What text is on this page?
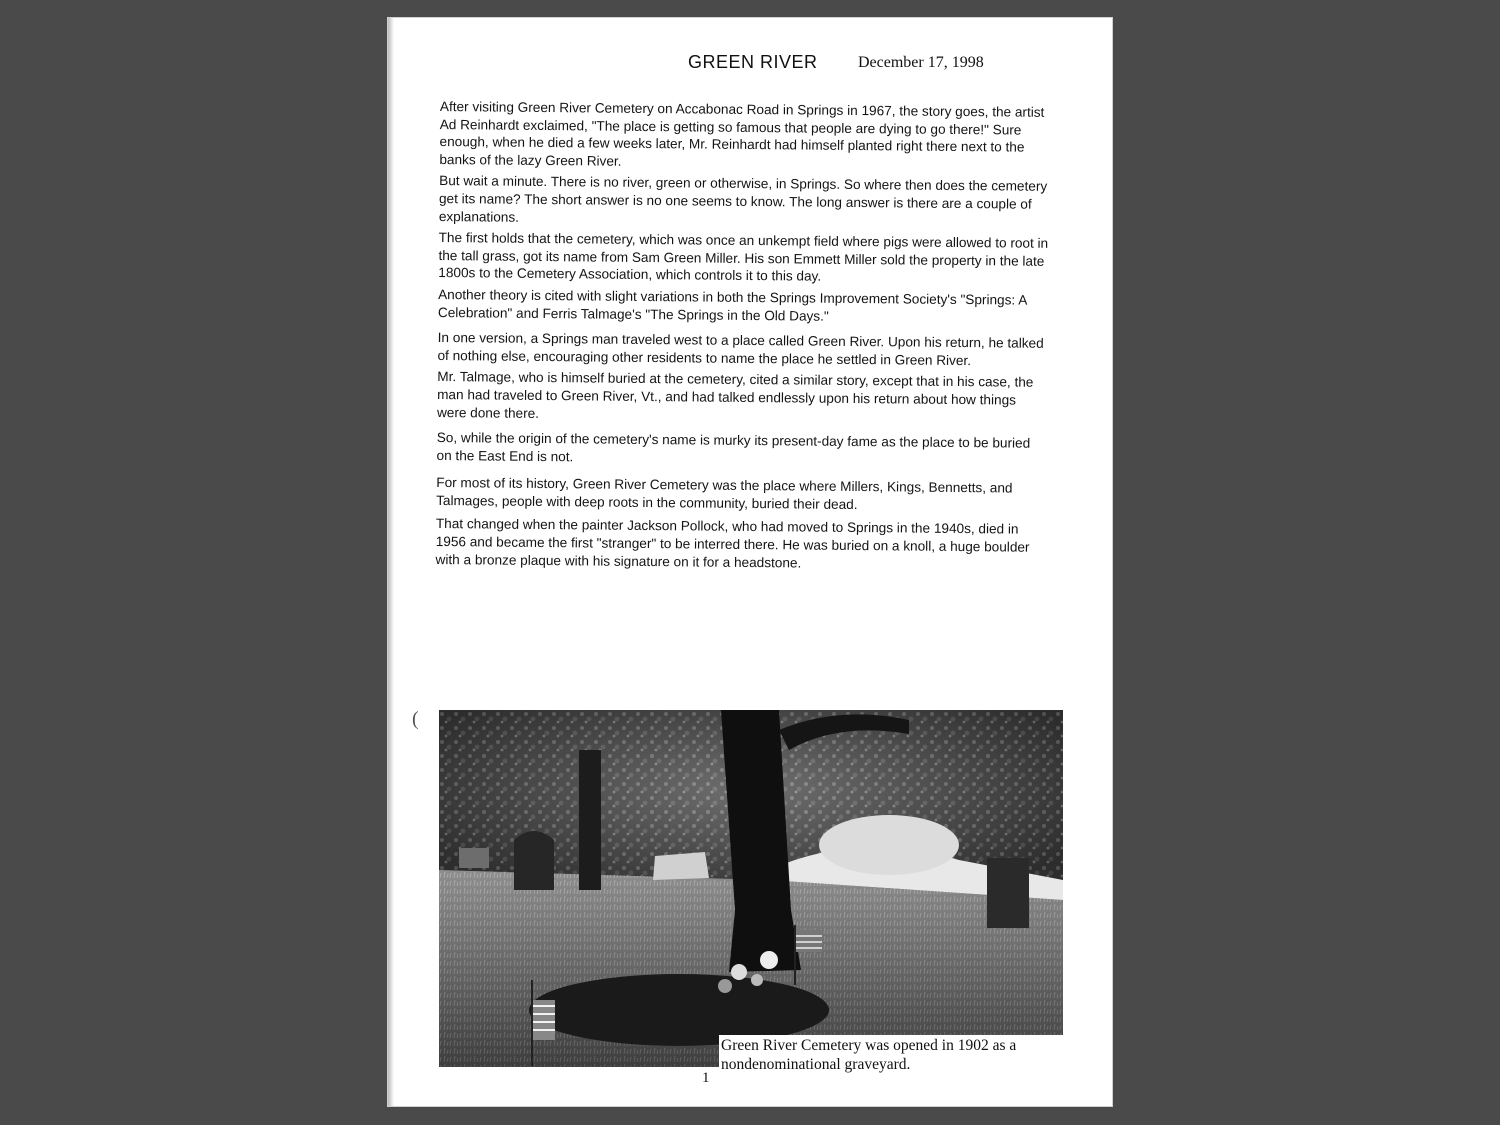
GREEN RIVER	December 17, 1998

After visiting Green River Cemetery on Accabonac Road in Springs in 1967, the story goes, the artist Ad Reinhardt exclaimed, "The place is getting so famous that people are dying to go there!" Sure enough, when he died a few weeks later, Mr. Reinhardt had himself planted right there next to the banks of the lazy Green River.

But wait a minute. There is no river, green or otherwise, in Springs. So where then does the cemetery get its name? The short answer is no one seems to know. The long answer is there are a couple of explanations.

The first holds that the cemetery, which was once an unkempt field where pigs were allowed to root in the tall grass, got its name from Sam Green Miller. His son Emmett Miller sold the property in the late 1800s to the Cemetery Association, which controls it to this day.

Another theory is cited with slight variations in both the Springs Improvement Society's "Springs: A Celebration" and Ferris Talmage's "The Springs in the Old Days."

In one version, a Springs man traveled west to a place called Green River. Upon his return, he talked of nothing else, encouraging other residents to name the place he settled in Green River.

Mr. Talmage, who is himself buried at the cemetery, cited a similar story, except that in his case, the man had traveled to Green River, Vt., and had talked endlessly upon his return about how things were done there.

So, while the origin of the cemetery's name is murky its present-day fame as the place to be buried on the East End is not.

For most of its history, Green River Cemetery was the place where Millers, Kings, Bennetts, and Talmages, people with deep roots in the community, buried their dead.

That changed when the painter Jackson Pollock, who had moved to Springs in the 1940s, died in 1956 and became the first "stranger" to be interred there. He was buried on a knoll, a huge boulder with a bronze plaque with his signature on it for a headstone.

(
Green River Cemetery was opened in 1902 as a nondenominational graveyard.
1
